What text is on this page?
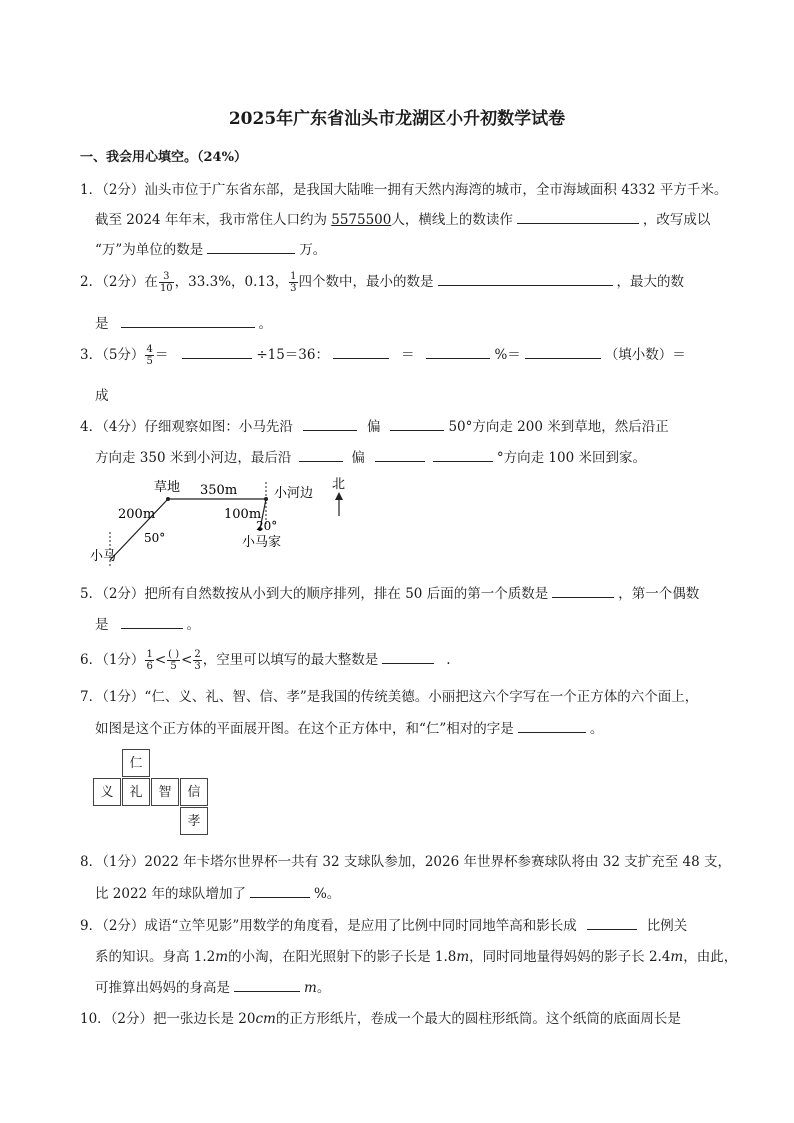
2025年广东省汕头市龙湖区小升初数学试卷
一、我会用心填空。（24%）
1．（2分）汕头市位于广东省东部，是我国大陆唯一拥有天然内海湾的城市，全市海域面积 4332 平方千米。
截至 2024 年年末，我市常住人口约为 5575500人，横线上的数读作	，改写成以
“万”为单位的数是	万。
2．（2分）在 $\frac{3}{10}$ ，33.3%，0.13̇， $\frac{1}{3}$ 四个数中，最小的数是	，最大的数
是	。
3．（5分） $\frac{4}{5}$ ＝	÷15＝36：	＝	%＝	（填小数）＝
成
4．（4分）仔细观察如图：小马先沿	偏	50°方向走 200 米到草地，然后沿正
方向走 350 米到小河边，最后沿	偏	°方向走 100 米回到家。
草地 350m	小河边
北
200m	100m
20°
50°	小马家
小马
5．（2分）把所有自然数按从小到大的顺序排列，排在 50 后面的第一个质数是	，第一个偶数
是	。
6．（1分） $\frac{1}{6} < \frac{( )}{5} < \frac{2}{3}$ ，空里可以填写的最大整数是	.
7．（1分）“仁、义、礼、智、信、孝”是我国的传统美德。小丽把这六个字写在一个正方体的六个面上，
如图是这个正方体的平面展开图。在这个正方体中，和“仁”相对的字是	。
仁
义	礼	智	信
孝
8．（1分）2022 年卡塔尔世界杯一共有 32 支球队参加，2026 年世界杯参赛球队将由 32 支扩充至 48 支，
比 2022 年的球队增加了	%。
9．（2分）成语“立竿见影”用数学的角度看，是应用了比例中同时同地竿高和影长成	比例关
系的知识。身高 1.2m的小淘，在阳光照射下的影子长是 1.8m，同时同地量得妈妈的影子长 2.4m，由此，
可推算出妈妈的身高是	m。
10．（2分）把一张边长是 20cm的正方形纸片，卷成一个最大的圆柱形纸筒。这个纸筒的底面周长是
